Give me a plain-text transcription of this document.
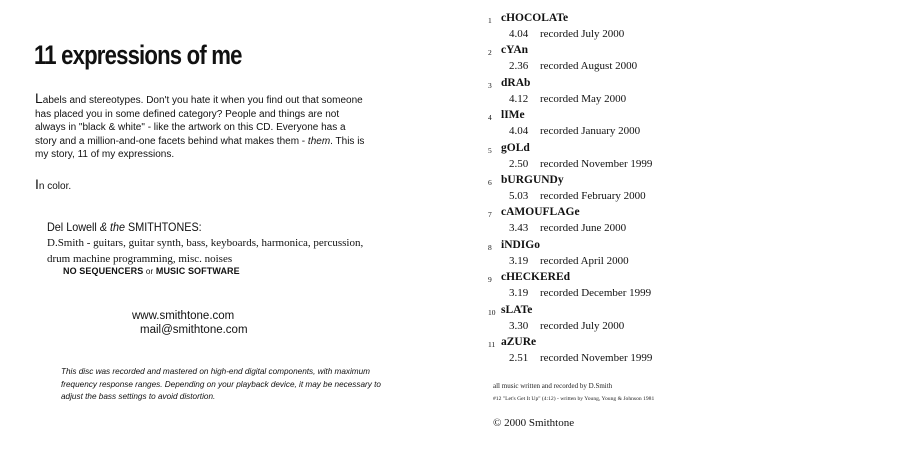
11 expressions of me
Labels and stereotypes. Don't you hate it when you find out that someone has placed you in some defined category? People and things are not always in "black & white" - like the artwork on this CD. Everyone has a story and a million-and-one facets behind what makes them - them. This is my story, 11 of my expressions.
In color.
Del Lowell & the SMITHTONES:
D.Smith - guitars, guitar synth, bass, keyboards, harmonica, percussion, drum machine programming, misc. noises
NO SEQUENCERS or MUSIC SOFTWARE
www.smithtone.com
mail@smithtone.com
This disc was recorded and mastered on high-end digital components, with maximum frequency response ranges. Depending on your playback device, it may be necessary to adjust the bass settings to avoid distortion.
1 cHOCOLATe
4.04 recorded July 2000
2 cYAn
2.36 recorded August 2000
3 dRAb
4.12 recorded May 2000
4 lIMe
4.04 recorded January 2000
5 gOLd
2.50 recorded November 1999
6 bURGUNDy
5.03 recorded February 2000
7 cAMOUFLAGe
3.43 recorded June 2000
8 iNDIGo
3.19 recorded April 2000
9 cHECKEREd
3.19 recorded December 1999
10 sLATe
3.30 recorded July 2000
11 aZURe
2.51 recorded November 1999
all music written and recorded by D.Smith
#12 "Let's Get It Up" (4:12) - written by Young, Young & Johnson 1981
© 2000 Smithtone
